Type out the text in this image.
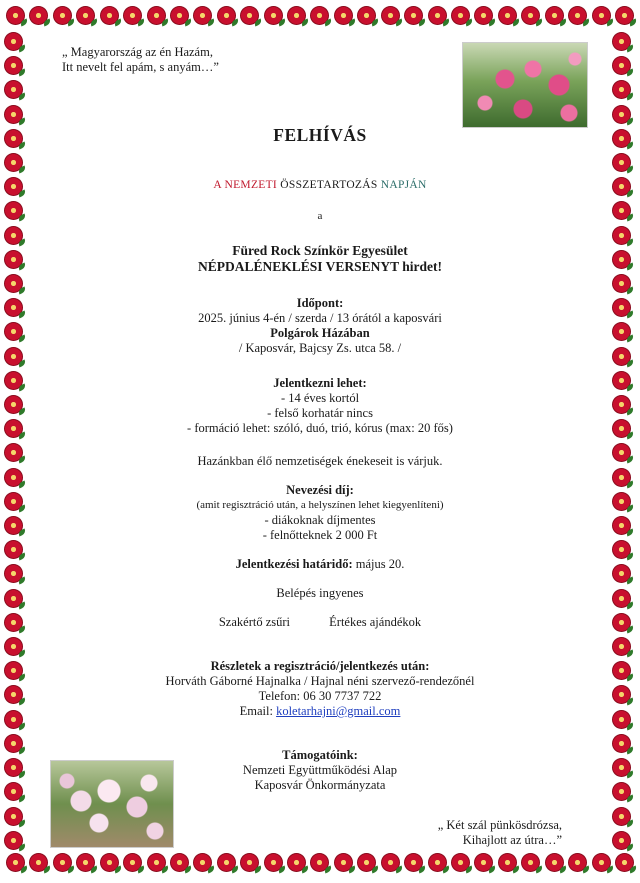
„ Magyarország az én Hazám,
Itt nevelt fel apám, s anyám…”
FELHÍVÁS
A NEMZETI ÖSSZETARTOZÁS NAPJÁN
a
Füred Rock Színkör Egyesület
NÉPDALÉNEKLÉSI VERSENYT hirdet!
Időpont:
2025. június 4-én / szerda / 13 órától a kaposvári
Polgárok Házában
/ Kaposvár, Bajcsy Zs. utca 58. /
Jelentkezni lehet:
- 14 éves kortól
- felső korhatár nincs
- formáció lehet: szóló, duó, trió, kórus (max: 20 fős)
Hazánkban élő nemzetiségek énekeseit is várjuk.
Nevezési díj:
(amit regisztráció után, a helyszínen lehet kiegyenlíteni)
- diákoknak díjmentes
- felnőtteknek 2 000 Ft
Jelentkezési határidő: május 20.
Belépés ingyenes
Szakértő zsűri	Értékes ajándékok
Részletek a regisztráció/jelentkezés után:
Horváth Gáborné Hajnalka / Hajnal néni szervező-rendezőnél
Telefon: 06 30 7737 722
Email: koletarhajni@gmail.com
Támogatóink:
Nemzeti Együttműködési Alap
Kaposvár Önkormányzata
„ Két szál pünkösdrózsa,
Kihajlott az útra…”
